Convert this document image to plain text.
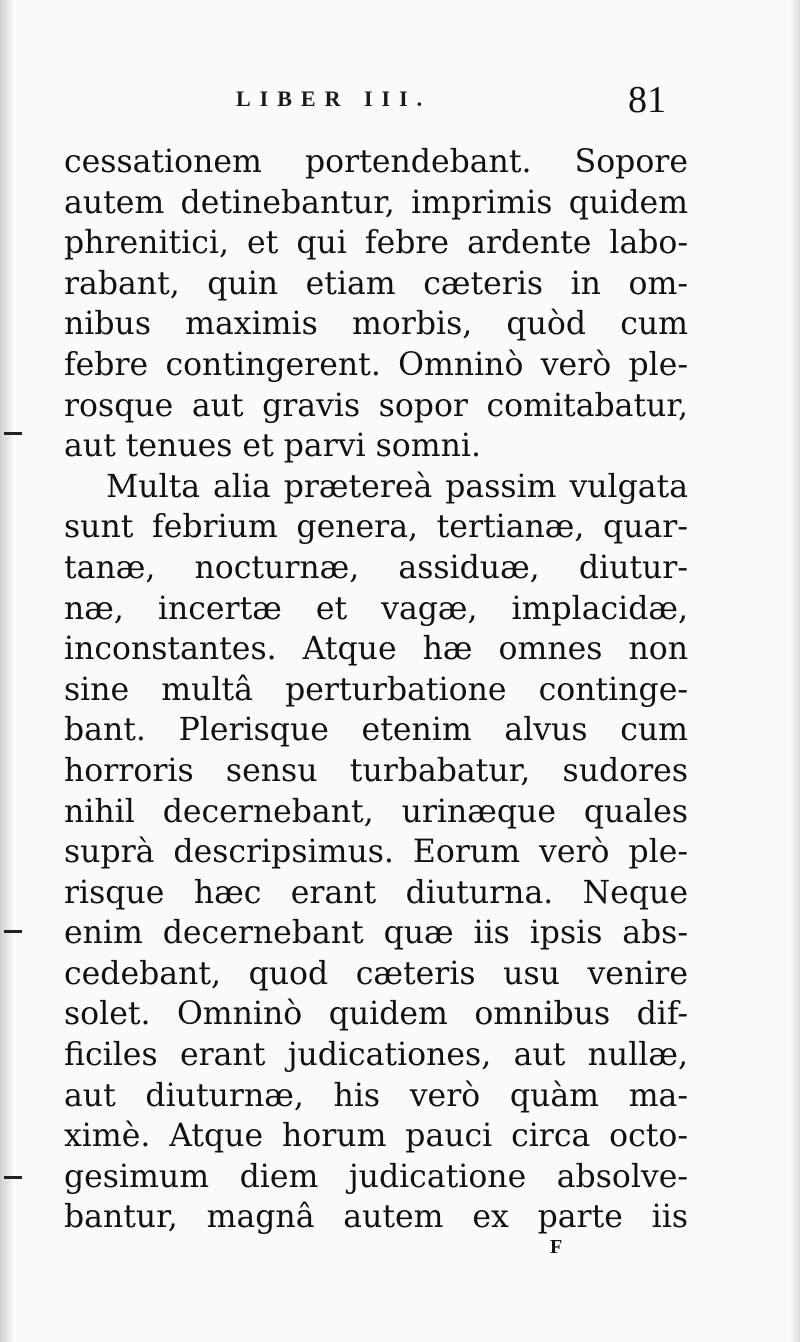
LIBER III.	81
cessationem portendebant. Sopore
autem detinebantur, imprimis quidem
phrenitici, et qui febre ardente labo-
rabant, quin etiam cæteris in om-
nibus maximis morbis, quòd cum
febre contingerent. Omninò verò ple-
rosque aut gravis sopor comitabatur,
aut tenues et parvi somni.
Multa alia prætereà passim vulgata
sunt febrium genera, tertianæ, quar-
tanæ, nocturnæ, assiduæ, diutur-
næ, incertæ et vagæ, implacidæ,
inconstantes. Atque hæ omnes non
sine multâ perturbatione continge-
bant. Plerisque etenim alvus cum
horroris sensu turbabatur, sudores
nihil decernebant, urinæque quales
suprà descripsimus. Eorum verò ple-
risque hæc erant diuturna. Neque
enim decernebant quæ iis ipsis abs-
cedebant, quod cæteris usu venire
solet. Omninò quidem omnibus dif-
ficiles erant judicationes, aut nullæ,
aut diuturnæ, his verò quàm ma-
ximè. Atque horum pauci circa octo-
gesimum diem judicatione absolve-
bantur, magnâ autem ex parte iis
F
